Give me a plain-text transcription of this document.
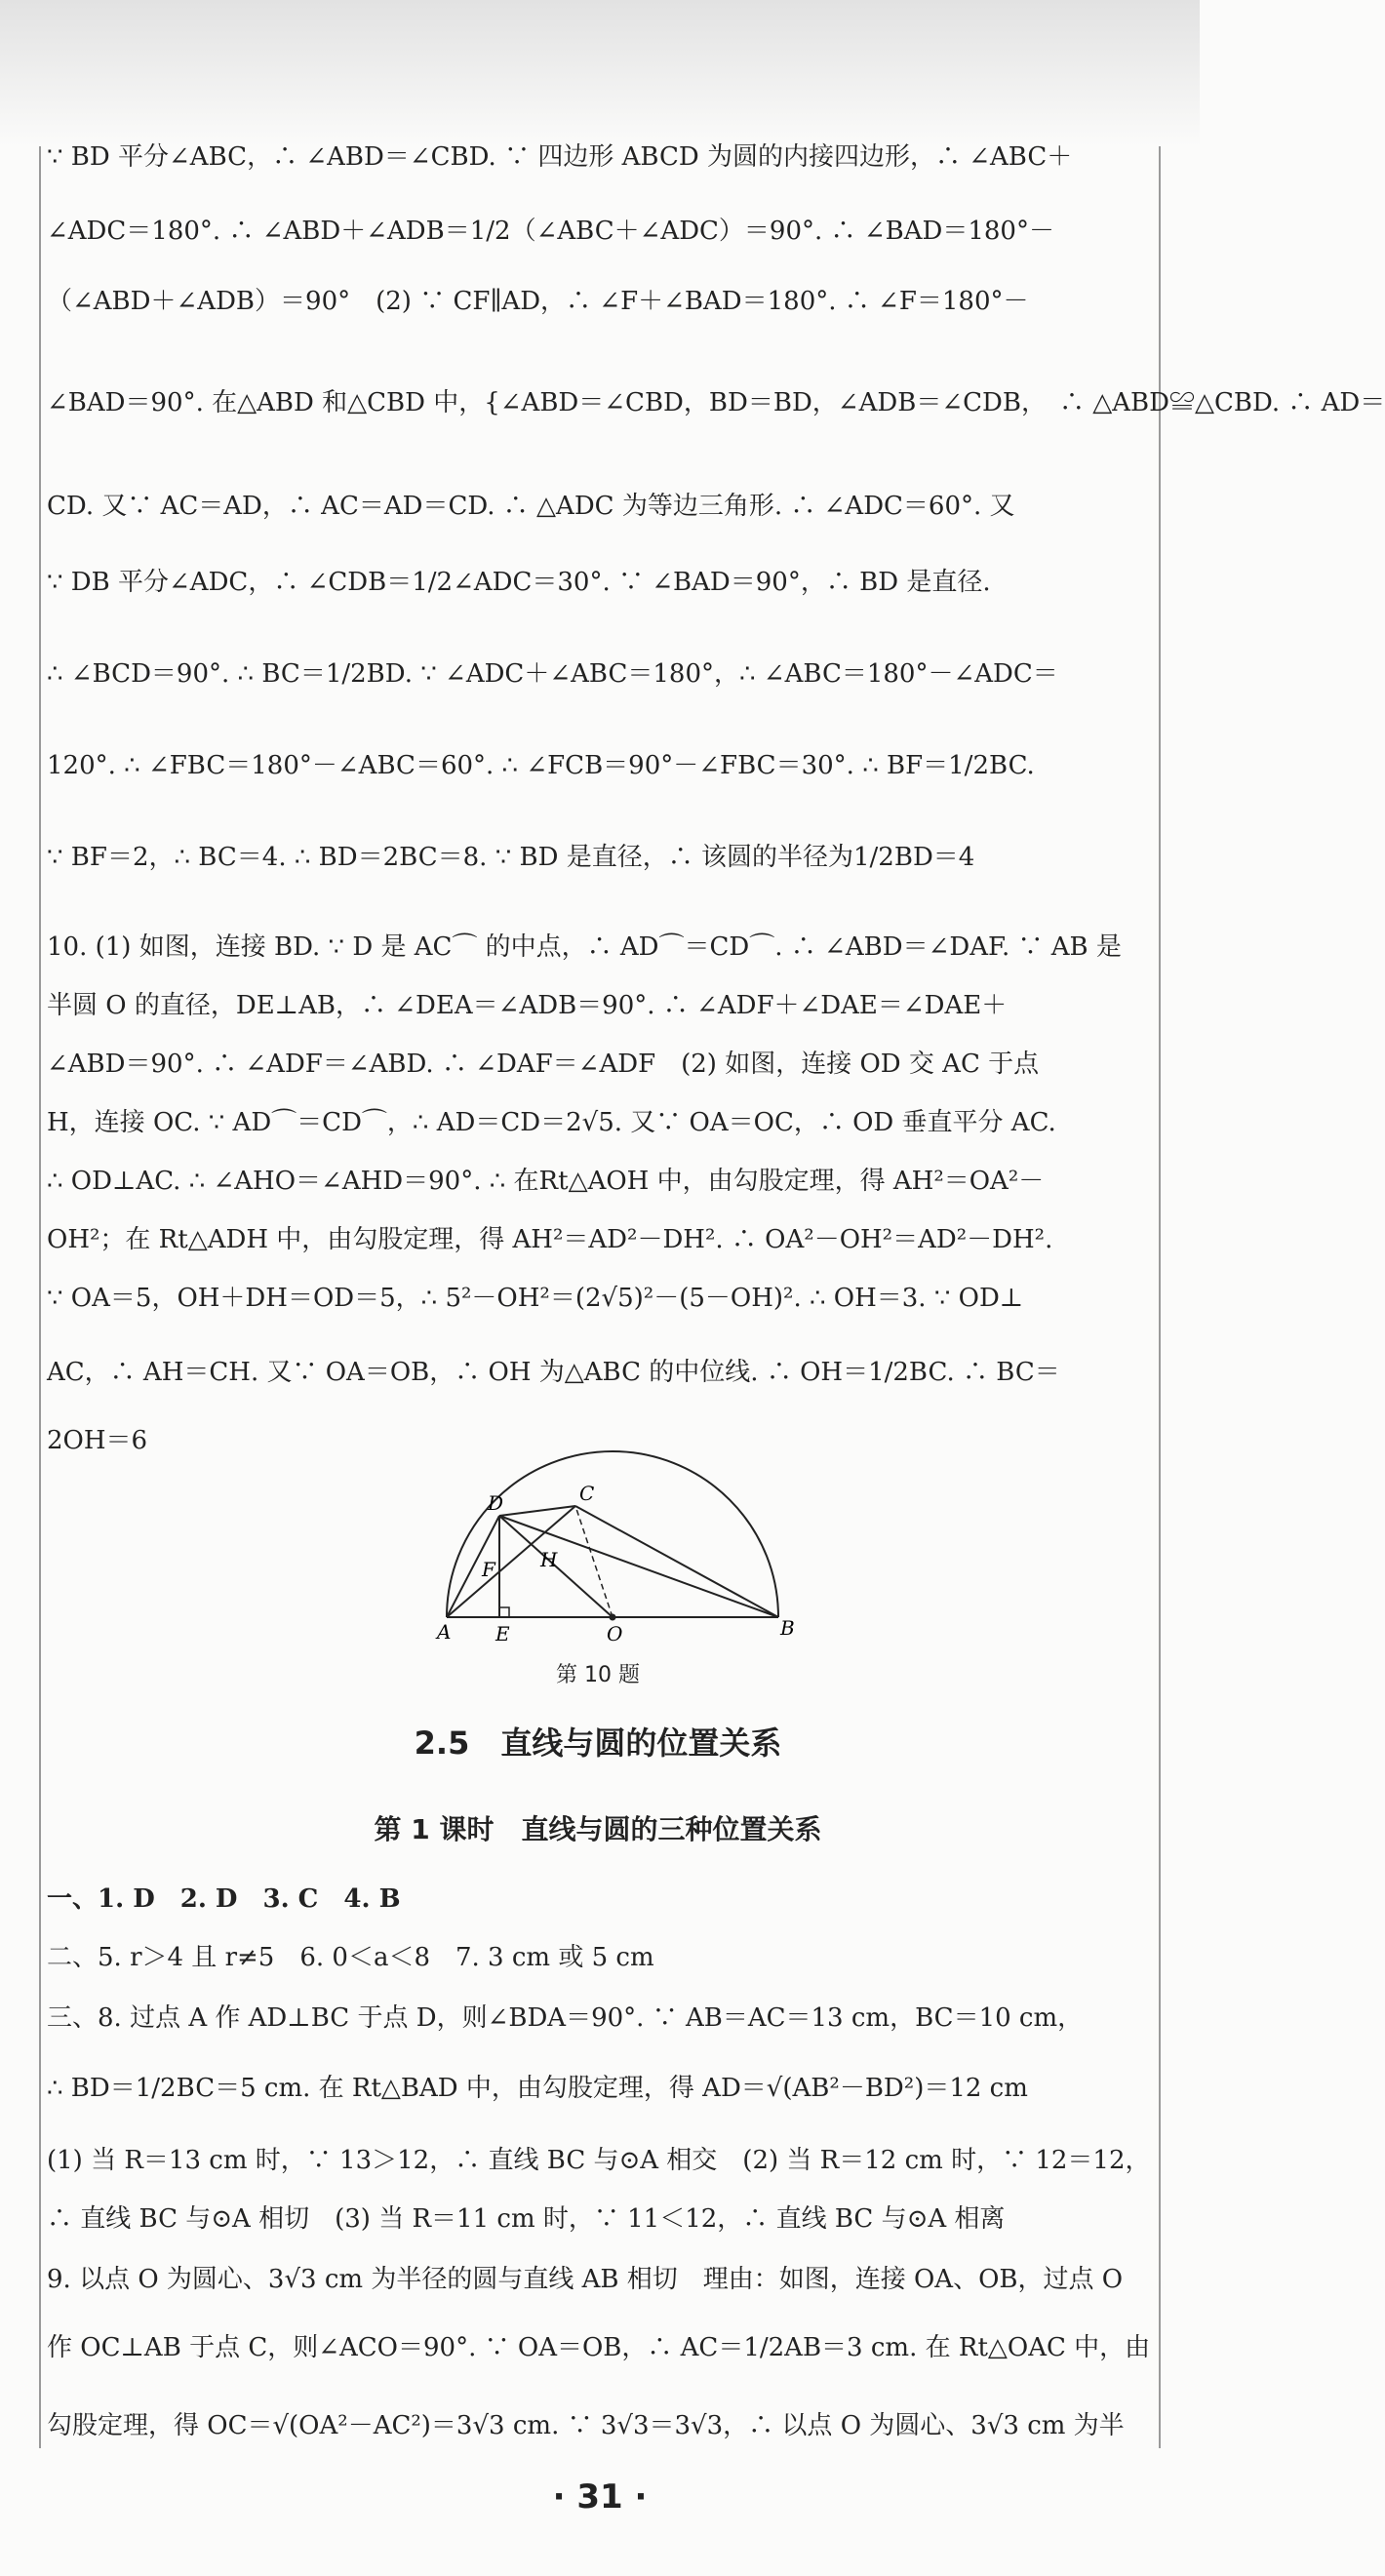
∵ BD 平分∠ABC，∴ ∠ABD＝∠CBD. ∵ 四边形 ABCD 为圆的内接四边形，∴ ∠ABC＋
∠ADC＝180°. ∴ ∠ABD＋∠ADB＝1/2（∠ABC＋∠ADC）＝90°. ∴ ∠BAD＝180°－
（∠ABD＋∠ADB）＝90°　(2) ∵ CF∥AD，∴ ∠F＋∠BAD＝180°. ∴ ∠F＝180°－
∠BAD＝90°. 在△ABD 和△CBD 中，{∠ABD＝∠CBD，BD＝BD，∠ADB＝∠CDB，　∴ △ABD≌△CBD. ∴ AD＝
CD. 又∵ AC＝AD，∴ AC＝AD＝CD. ∴ △ADC 为等边三角形. ∴ ∠ADC＝60°. 又
∵ DB 平分∠ADC，∴ ∠CDB＝1/2∠ADC＝30°. ∵ ∠BAD＝90°，∴ BD 是直径.
∴ ∠BCD＝90°. ∴ BC＝1/2BD. ∵ ∠ADC＋∠ABC＝180°，∴ ∠ABC＝180°－∠ADC＝
120°. ∴ ∠FBC＝180°－∠ABC＝60°. ∴ ∠FCB＝90°－∠FBC＝30°. ∴ BF＝1/2BC.
∵ BF＝2，∴ BC＝4. ∴ BD＝2BC＝8. ∵ BD 是直径，∴ 该圆的半径为1/2BD＝4
10. (1) 如图，连接 BD. ∵ D 是 AC⌒ 的中点，∴ AD⌒＝CD⌒. ∴ ∠ABD＝∠DAF. ∵ AB 是
半圆 O 的直径，DE⊥AB，∴ ∠DEA＝∠ADB＝90°. ∴ ∠ADF＋∠DAE＝∠DAE＋
∠ABD＝90°. ∴ ∠ADF＝∠ABD. ∴ ∠DAF＝∠ADF　(2) 如图，连接 OD 交 AC 于点
H，连接 OC. ∵ AD⌒＝CD⌒，∴ AD＝CD＝2√5. 又∵ OA＝OC，∴ OD 垂直平分 AC.
∴ OD⊥AC. ∴ ∠AHO＝∠AHD＝90°. ∴ 在Rt△AOH 中，由勾股定理，得 AH²＝OA²－
OH²；在 Rt△ADH 中，由勾股定理，得 AH²＝AD²－DH². ∴ OA²－OH²＝AD²－DH².
∵ OA＝5，OH＋DH＝OD＝5，∴ 5²－OH²＝(2√5)²－(5－OH)². ∴ OH＝3. ∵ OD⊥
AC，∴ AH＝CH. 又∵ OA＝OB，∴ OH 为△ABC 的中位线. ∴ OH＝1/2BC. ∴ BC＝
2OH＝6
D	C
H
F
A E	O	B
第 10 题
2.5　直线与圆的位置关系
第 1 课时　直线与圆的三种位置关系
一、1. D　2. D　3. C　4. B
二、5. r＞4 且 r≠5　6. 0＜a＜8　7. 3 cm 或 5 cm
三、8. 过点 A 作 AD⊥BC 于点 D，则∠BDA＝90°. ∵ AB＝AC＝13 cm，BC＝10 cm，
∴ BD＝1/2BC＝5 cm. 在 Rt△BAD 中，由勾股定理，得 AD＝√(AB²－BD²)＝12 cm
(1) 当 R＝13 cm 时，∵ 13＞12，∴ 直线 BC 与⊙A 相交　(2) 当 R＝12 cm 时，∵ 12＝12，
∴ 直线 BC 与⊙A 相切　(3) 当 R＝11 cm 时，∵ 11＜12，∴ 直线 BC 与⊙A 相离
9. 以点 O 为圆心、3√3 cm 为半径的圆与直线 AB 相切　理由：如图，连接 OA、OB，过点 O
作 OC⊥AB 于点 C，则∠ACO＝90°. ∵ OA＝OB，∴ AC＝1/2AB＝3 cm. 在 Rt△OAC 中，由
勾股定理，得 OC＝√(OA²－AC²)＝3√3 cm. ∵ 3√3＝3√3，∴ 以点 O 为圆心、3√3 cm 为半
· 31 ·
